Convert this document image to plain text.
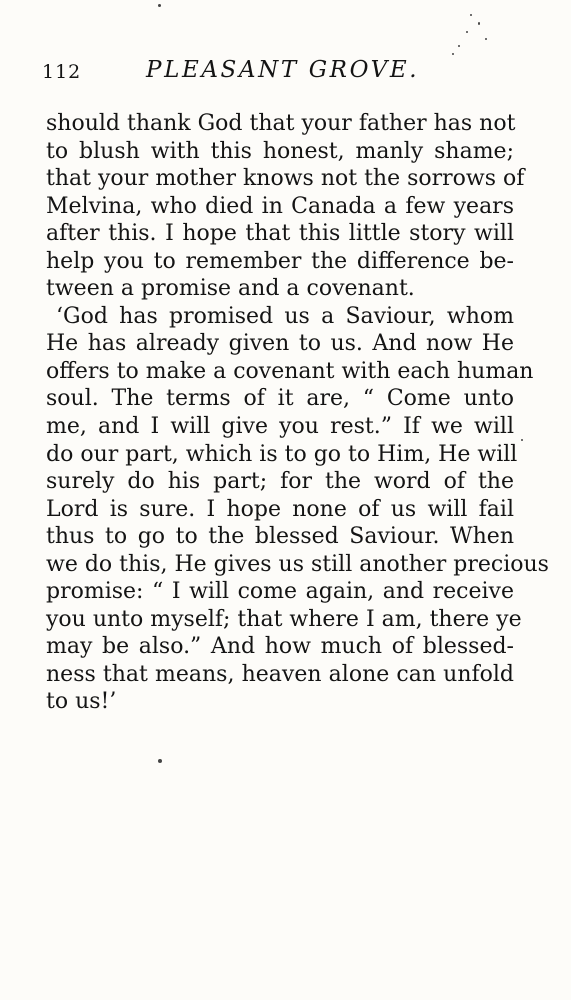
112	PLEASANT GROVE.
should thank God that your father has not
to blush with this honest, manly shame;
that your mother knows not the sorrows of
Melvina, who died in Canada a few years
after this. I hope that this little story will
help you to remember the difference be-
tween a promise and a covenant.
‘God has promised us a Saviour, whom
He has already given to us. And now He
offers to make a covenant with each human
soul. The terms of it are, “ Come unto
me, and I will give you rest.” If we will
do our part, which is to go to Him, He will
surely do his part; for the word of the
Lord is sure. I hope none of us will fail
thus to go to the blessed Saviour. When
we do this, He gives us still another precious
promise: “ I will come again, and receive
you unto myself; that where I am, there ye
may be also.” And how much of blessed-
ness that means, heaven alone can unfold
to us!’
